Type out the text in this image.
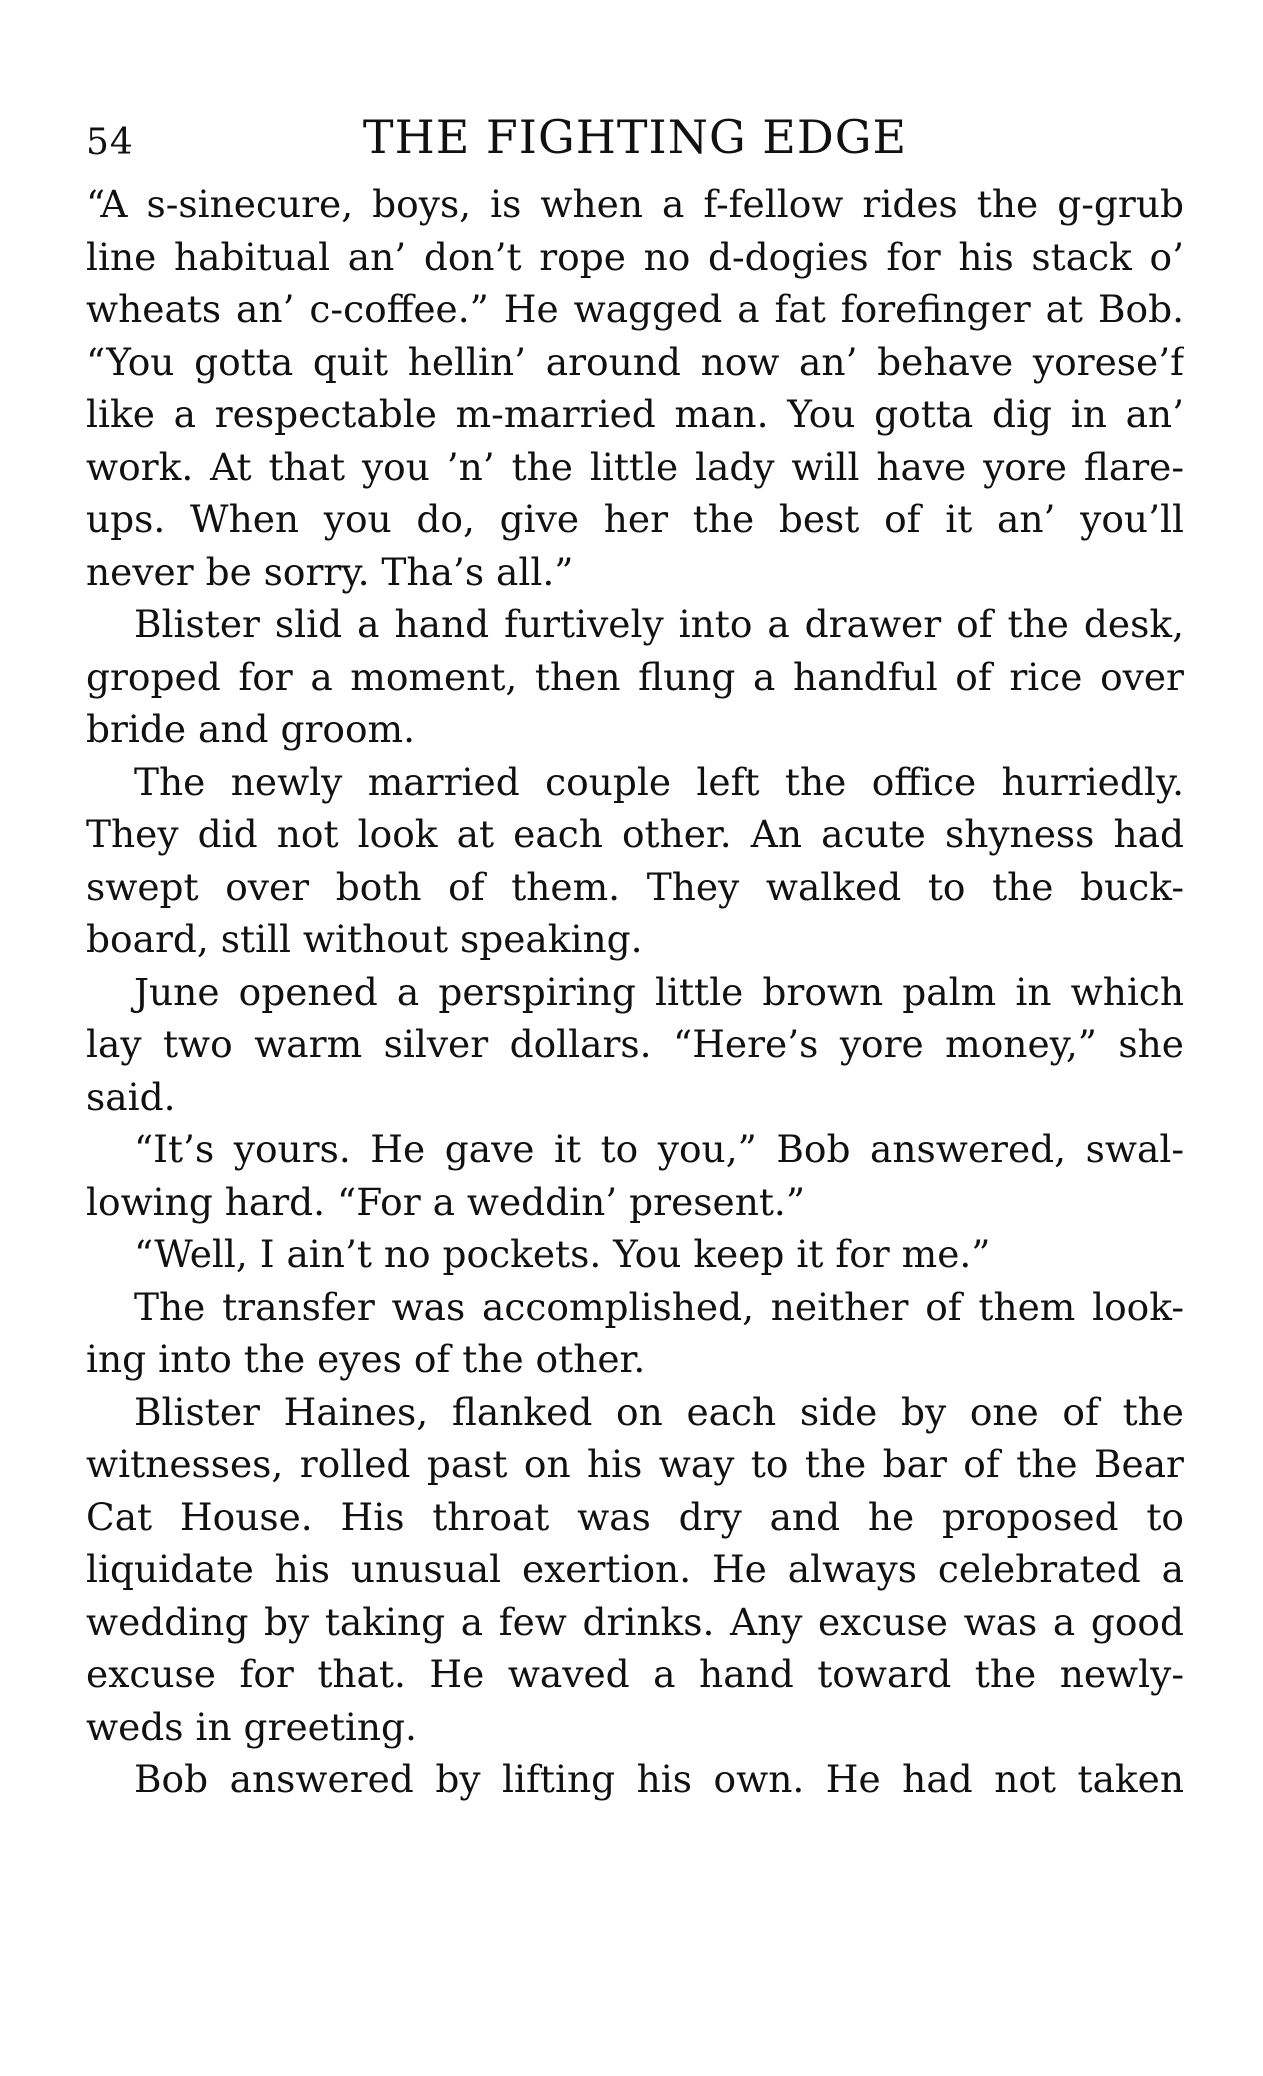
54	THE FIGHTING EDGE
“A s-sinecure, boys, is when a f-fellow rides the g-grub
line habitual an’ don’t rope no d-dogies for his stack o’
wheats an’ c-coffee.” He wagged a fat forefinger at Bob.
“You gotta quit hellin’ around now an’ behave yorese’f
like a respectable m-married man. You gotta dig in an’
work. At that you ’n’ the little lady will have yore flare-
ups. When you do, give her the best of it an’ you’ll
never be sorry. Tha’s all.”
Blister slid a hand furtively into a drawer of the desk,
groped for a moment, then flung a handful of rice over
bride and groom.
The newly married couple left the office hurriedly.
They did not look at each other. An acute shyness had
swept over both of them. They walked to the buck-
board, still without speaking.
June opened a perspiring little brown palm in which
lay two warm silver dollars. “Here’s yore money,” she
said.
“It’s yours. He gave it to you,” Bob answered, swal-
lowing hard. “For a weddin’ present.”
“Well, I ain’t no pockets. You keep it for me.”
The transfer was accomplished, neither of them look-
ing into the eyes of the other.
Blister Haines, flanked on each side by one of the
witnesses, rolled past on his way to the bar of the Bear
Cat House. His throat was dry and he proposed to
liquidate his unusual exertion. He always celebrated a
wedding by taking a few drinks. Any excuse was a good
excuse for that. He waved a hand toward the newly-
weds in greeting.
Bob answered by lifting his own. He had not taken
